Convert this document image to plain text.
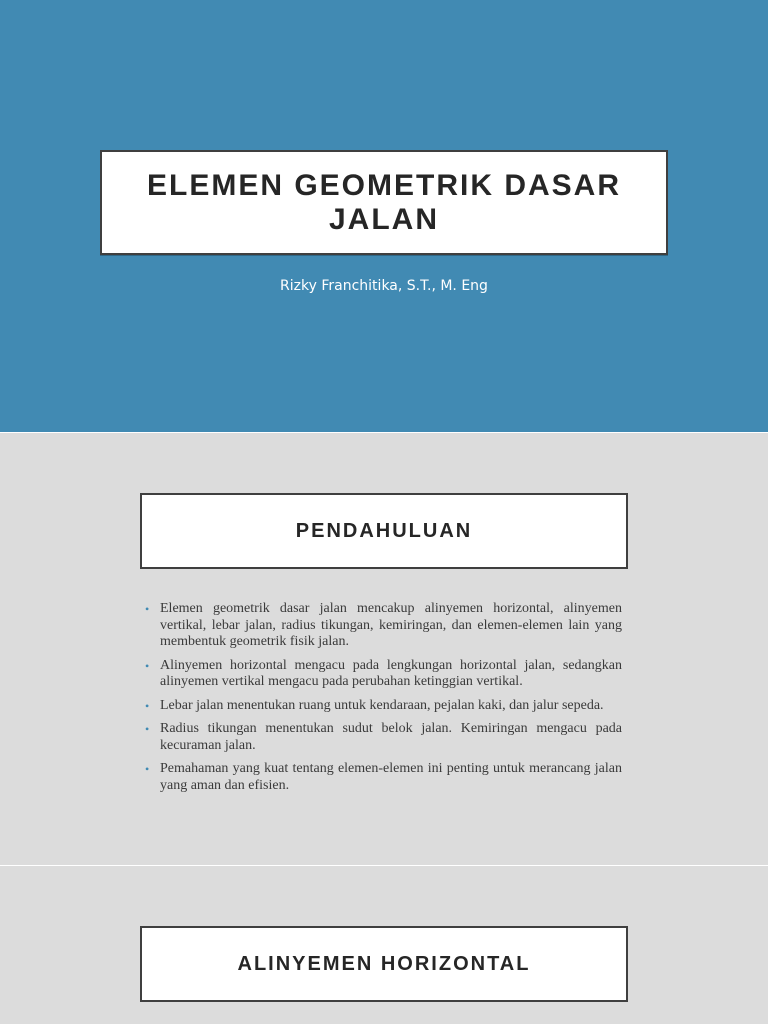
ELEMEN GEOMETRIK DASAR JALAN
Rizky Franchitika, S.T., M. Eng
PENDAHULUAN
• Elemen geometrik dasar jalan mencakup alinyemen horizontal, alinyemen vertikal, lebar jalan, radius tikungan, kemiringan, dan elemen-elemen lain yang membentuk geometrik fisik jalan.
• Alinyemen horizontal mengacu pada lengkungan horizontal jalan, sedangkan alinyemen vertikal mengacu pada perubahan ketinggian vertikal.
• Lebar jalan menentukan ruang untuk kendaraan, pejalan kaki, dan jalur sepeda.
• Radius tikungan menentukan sudut belok jalan. Kemiringan mengacu pada kecuraman jalan.
• Pemahaman yang kuat tentang elemen-elemen ini penting untuk merancang jalan yang aman dan efisien.
ALINYEMEN HORIZONTAL
